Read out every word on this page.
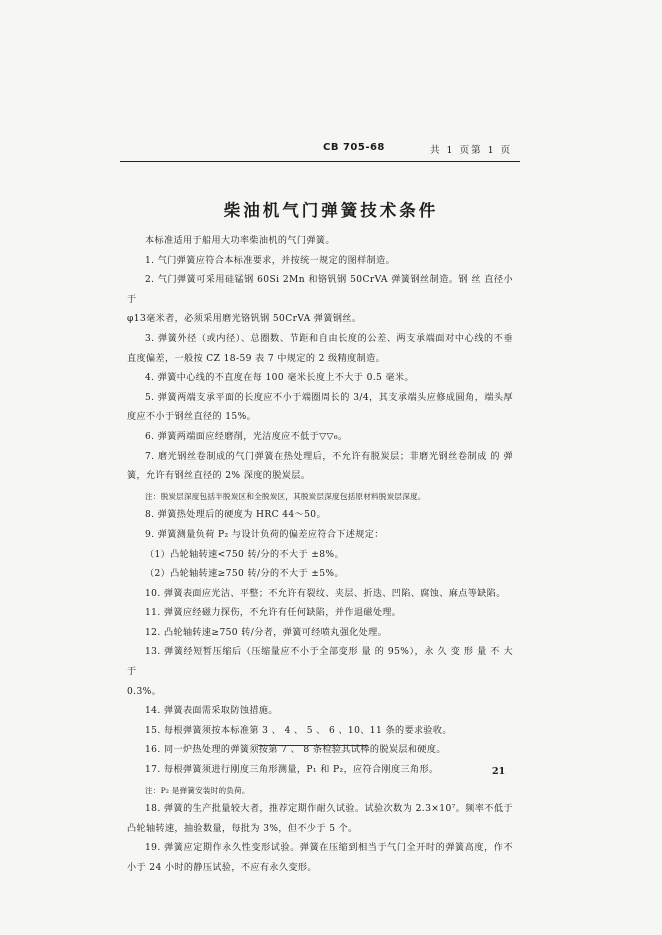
CB 705-68	共 1 页第 1 页
柴油机气门弹簧技术条件

本标准适用于船用大功率柴油机的气门弹簧。

1. 气门弹簧应符合本标准要求，并按统一规定的图样制造。

2. 气门弹簧可采用硅锰钢 60Si 2Mn 和铬钒钢 50CrVA 弹簧钢丝制造。钢 丝 直径小于

φ13毫米者，必须采用磨光铬钒钢 50CrVA 弹簧钢丝。

3. 弹簧外径（或内径）、总圈数、节距和自由长度的公差、两支承端面对中心线的不垂

直度偏差，一般按 CZ 18-59 表 7 中规定的 2 级精度制造。

4. 弹簧中心线的不直度在每 100 毫米长度上不大于 0.5 毫米。

5. 弹簧两端支承平面的长度应不小于端圈周长的 3/4，其支承端头应修成圆角，端头厚

度应不小于钢丝直径的 15%。

6. 弹簧两端面应经磨削，光洁度应不低于▽▽₆。

7. 磨光钢丝卷制成的气门弹簧在热处理后，不允许有脱炭层；非磨光钢丝卷制成 的 弹

簧，允许有钢丝直径的 2% 深度的脱炭层。

注：脱炭层深度包括半脱炭区和全脱炭区，其脱炭层深度包括原材料脱炭层深度。

8. 弹簧热处理后的硬度为 HRC 44～50。

9. 弹簧测量负荷 P₂ 与设计负荷的偏差应符合下述规定：

（1）凸轮轴转速<750 转/分的不大于 ±8%。

（2）凸轮轴转速≥750 转/分的不大于 ±5%。

10. 弹簧表面应光洁、平整；不允许有裂纹、夹层、折迭、凹陷、腐蚀、麻点等缺陷。

11. 弹簧应经磁力探伤，不允许有任何缺陷，并作退磁处理。

12. 凸轮轴转速≥750 转/分者，弹簧可经喷丸强化处理。

13. 弹簧经短暂压缩后（压缩量应不小于全部变形 量 的 95%），永 久 变 形 量 不 大 于

0.3%。

14. 弹簧表面需采取防蚀措施。

15. 每根弹簧须按本标准第 3 、 4 、 5 、 6 、10、11 条的要求验收。

16. 同一炉热处理的弹簧须按第 7 、 8 条检验其试棒的脱炭层和硬度。

17. 每根弹簧须进行刚度三角形测量，P₁ 和 P₂，应符合刚度三角形。

注：P₂ 是弹簧安装时的负荷。

18. 弹簧的生产批量较大者，推荐定期作耐久试验。试验次数为 2.3×10⁷。频率不低于

凸轮轴转速，抽验数量，每批为 3%，但不少于 5 个。

19. 弹簧应定期作永久性变形试验。弹簧在压缩到相当于气门全开时的弹簧高度，作不

小于 24 小时的静压试验，不应有永久变形。

21
